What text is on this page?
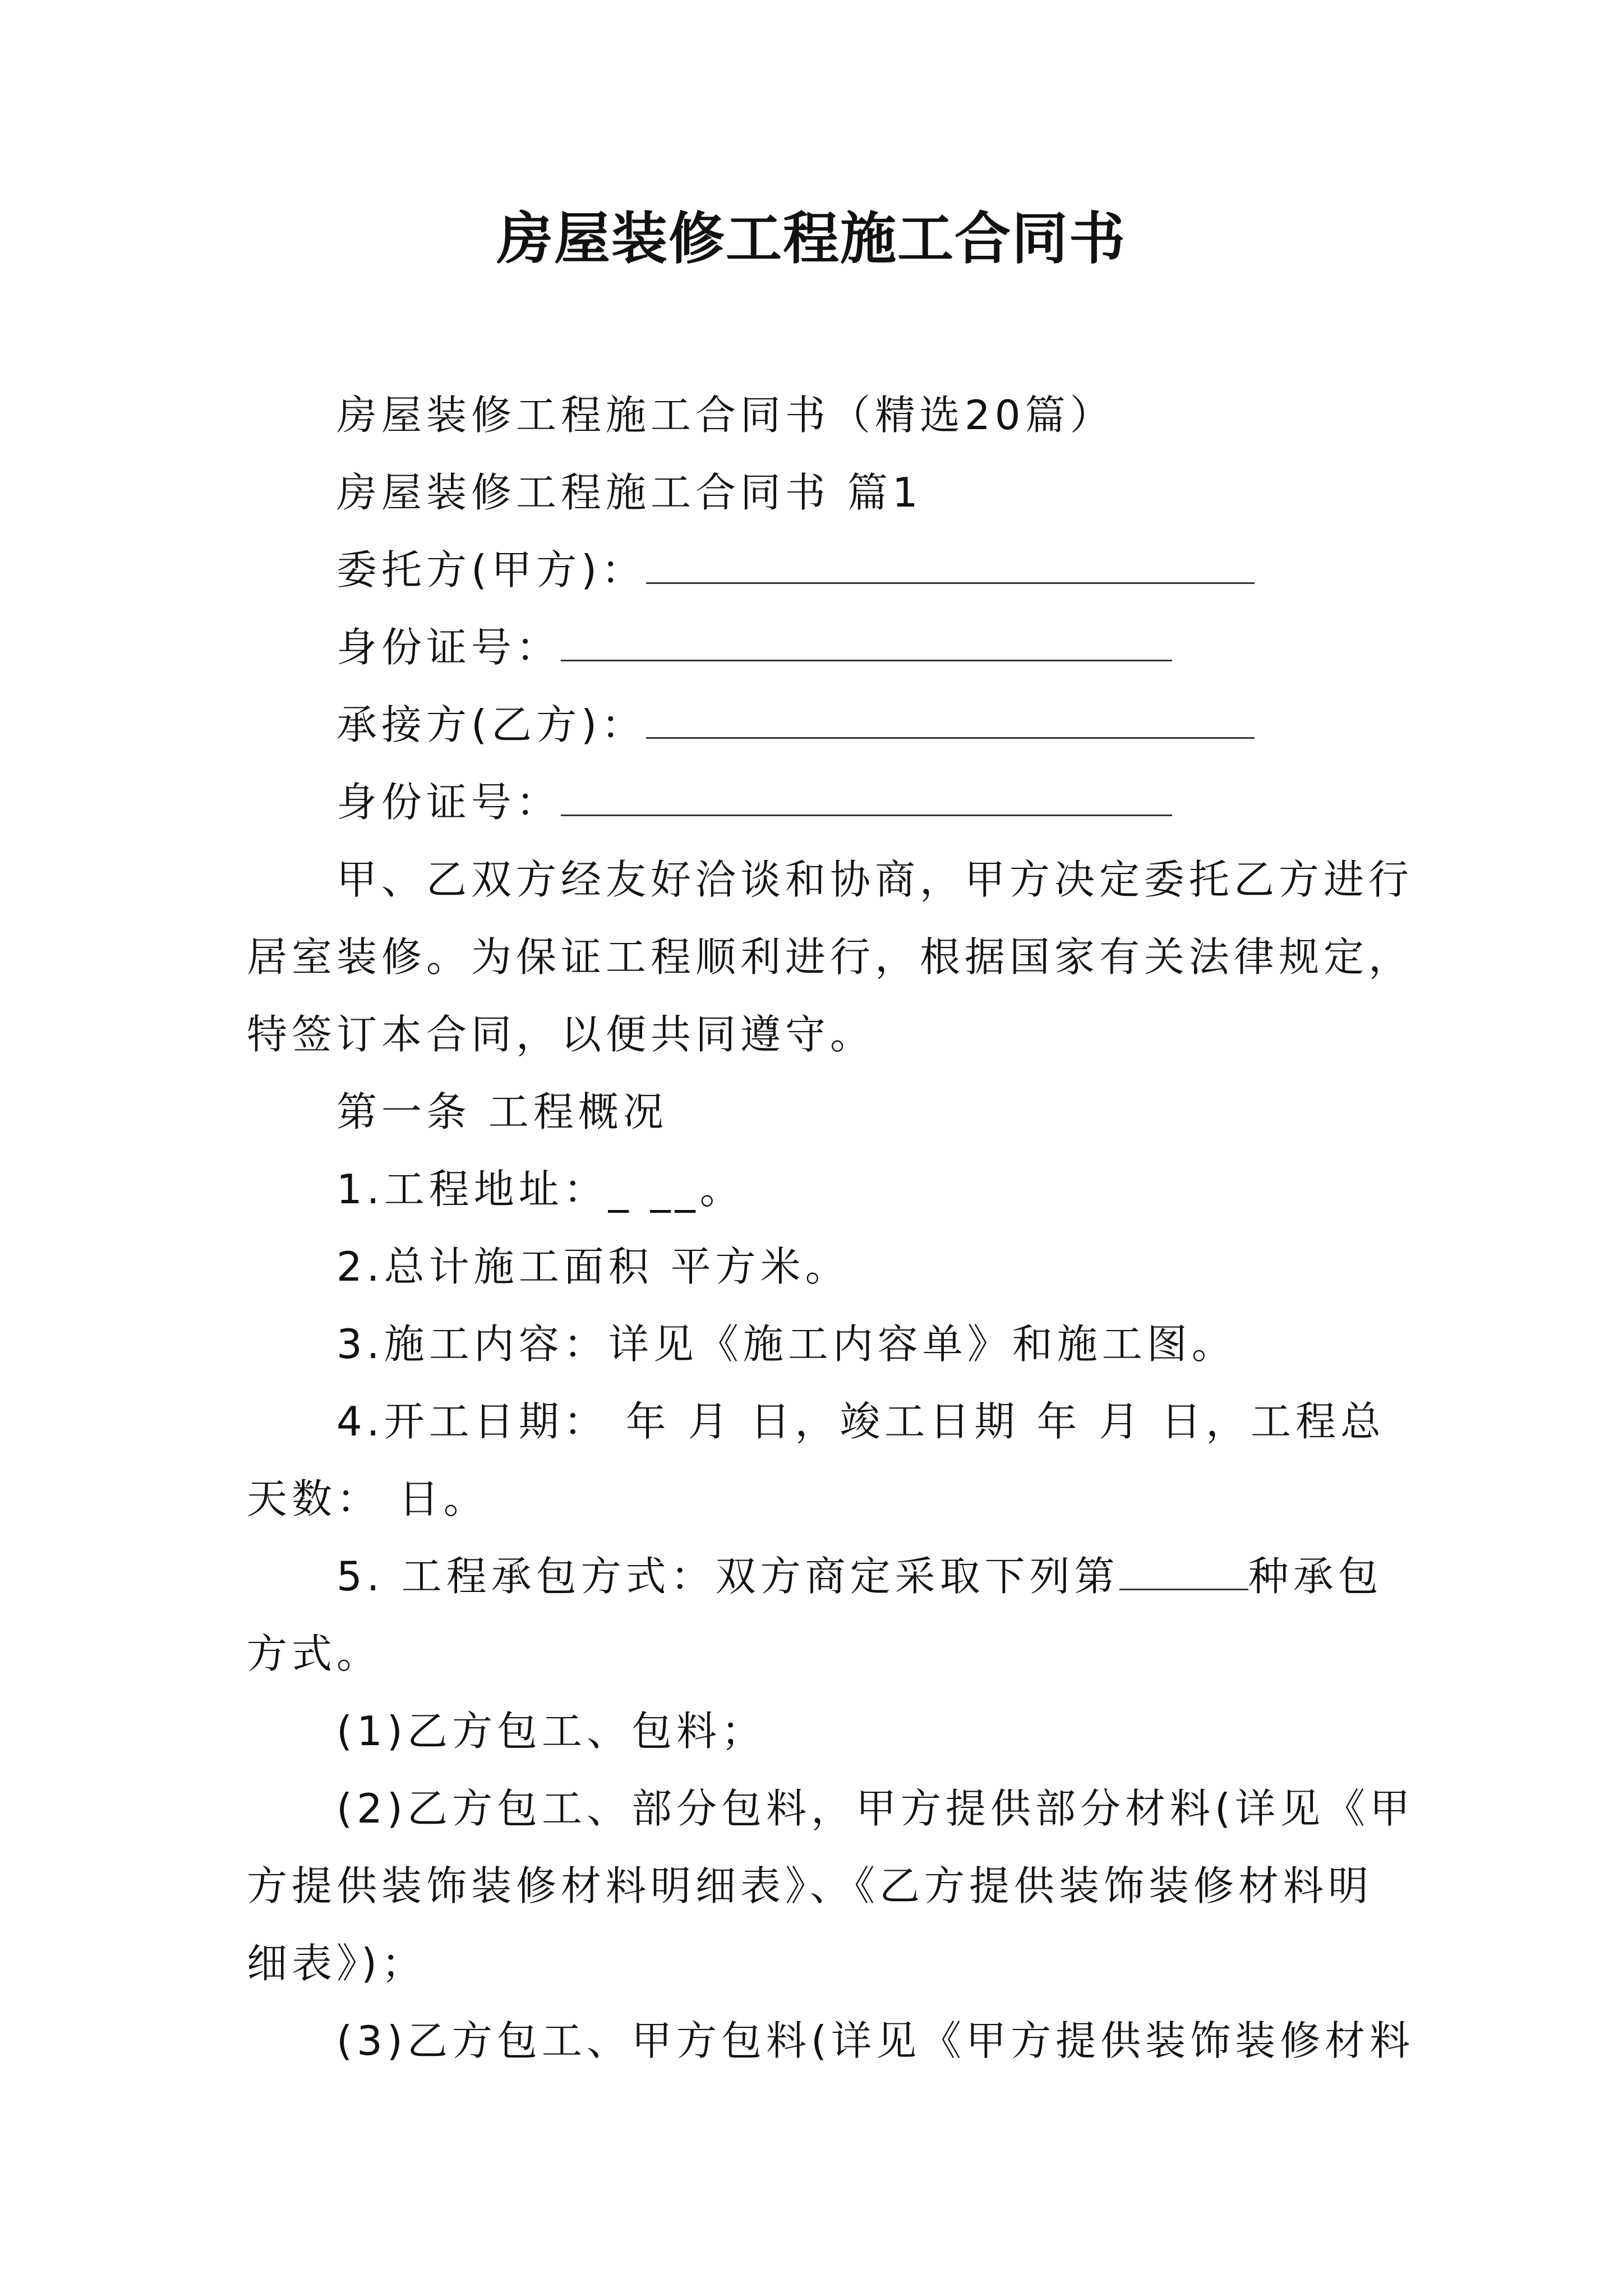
房屋装修工程施工合同书

房屋装修工程施工合同书（精选20篇）

房屋装修工程施工合同书 篇1

委托方(甲方)：
身份证号：
承接方(乙方)：
身份证号：

甲、乙双方经友好洽谈和协商，甲方决定委托乙方进行

居室装修。为保证工程顺利进行，根据国家有关法律规定，

特签订本合同，以便共同遵守。

第一条 工程概况

1.工程地址：_ __。

2.总计施工面积 平方米。

3.施工内容：详见《施工内容单》和施工图。

4.开工日期： 年 月 日，竣工日期 年 月 日，工程总

天数： 日。

5. 工程承包方式：双方商定采取下列第	种承包

方式。

(1)乙方包工、包料；

(2)乙方包工、部分包料，甲方提供部分材料(详见《甲

方提供装饰装修材料明细表》、《乙方提供装饰装修材料明

细表》)；

(3)乙方包工、甲方包料(详见《甲方提供装饰装修材料
